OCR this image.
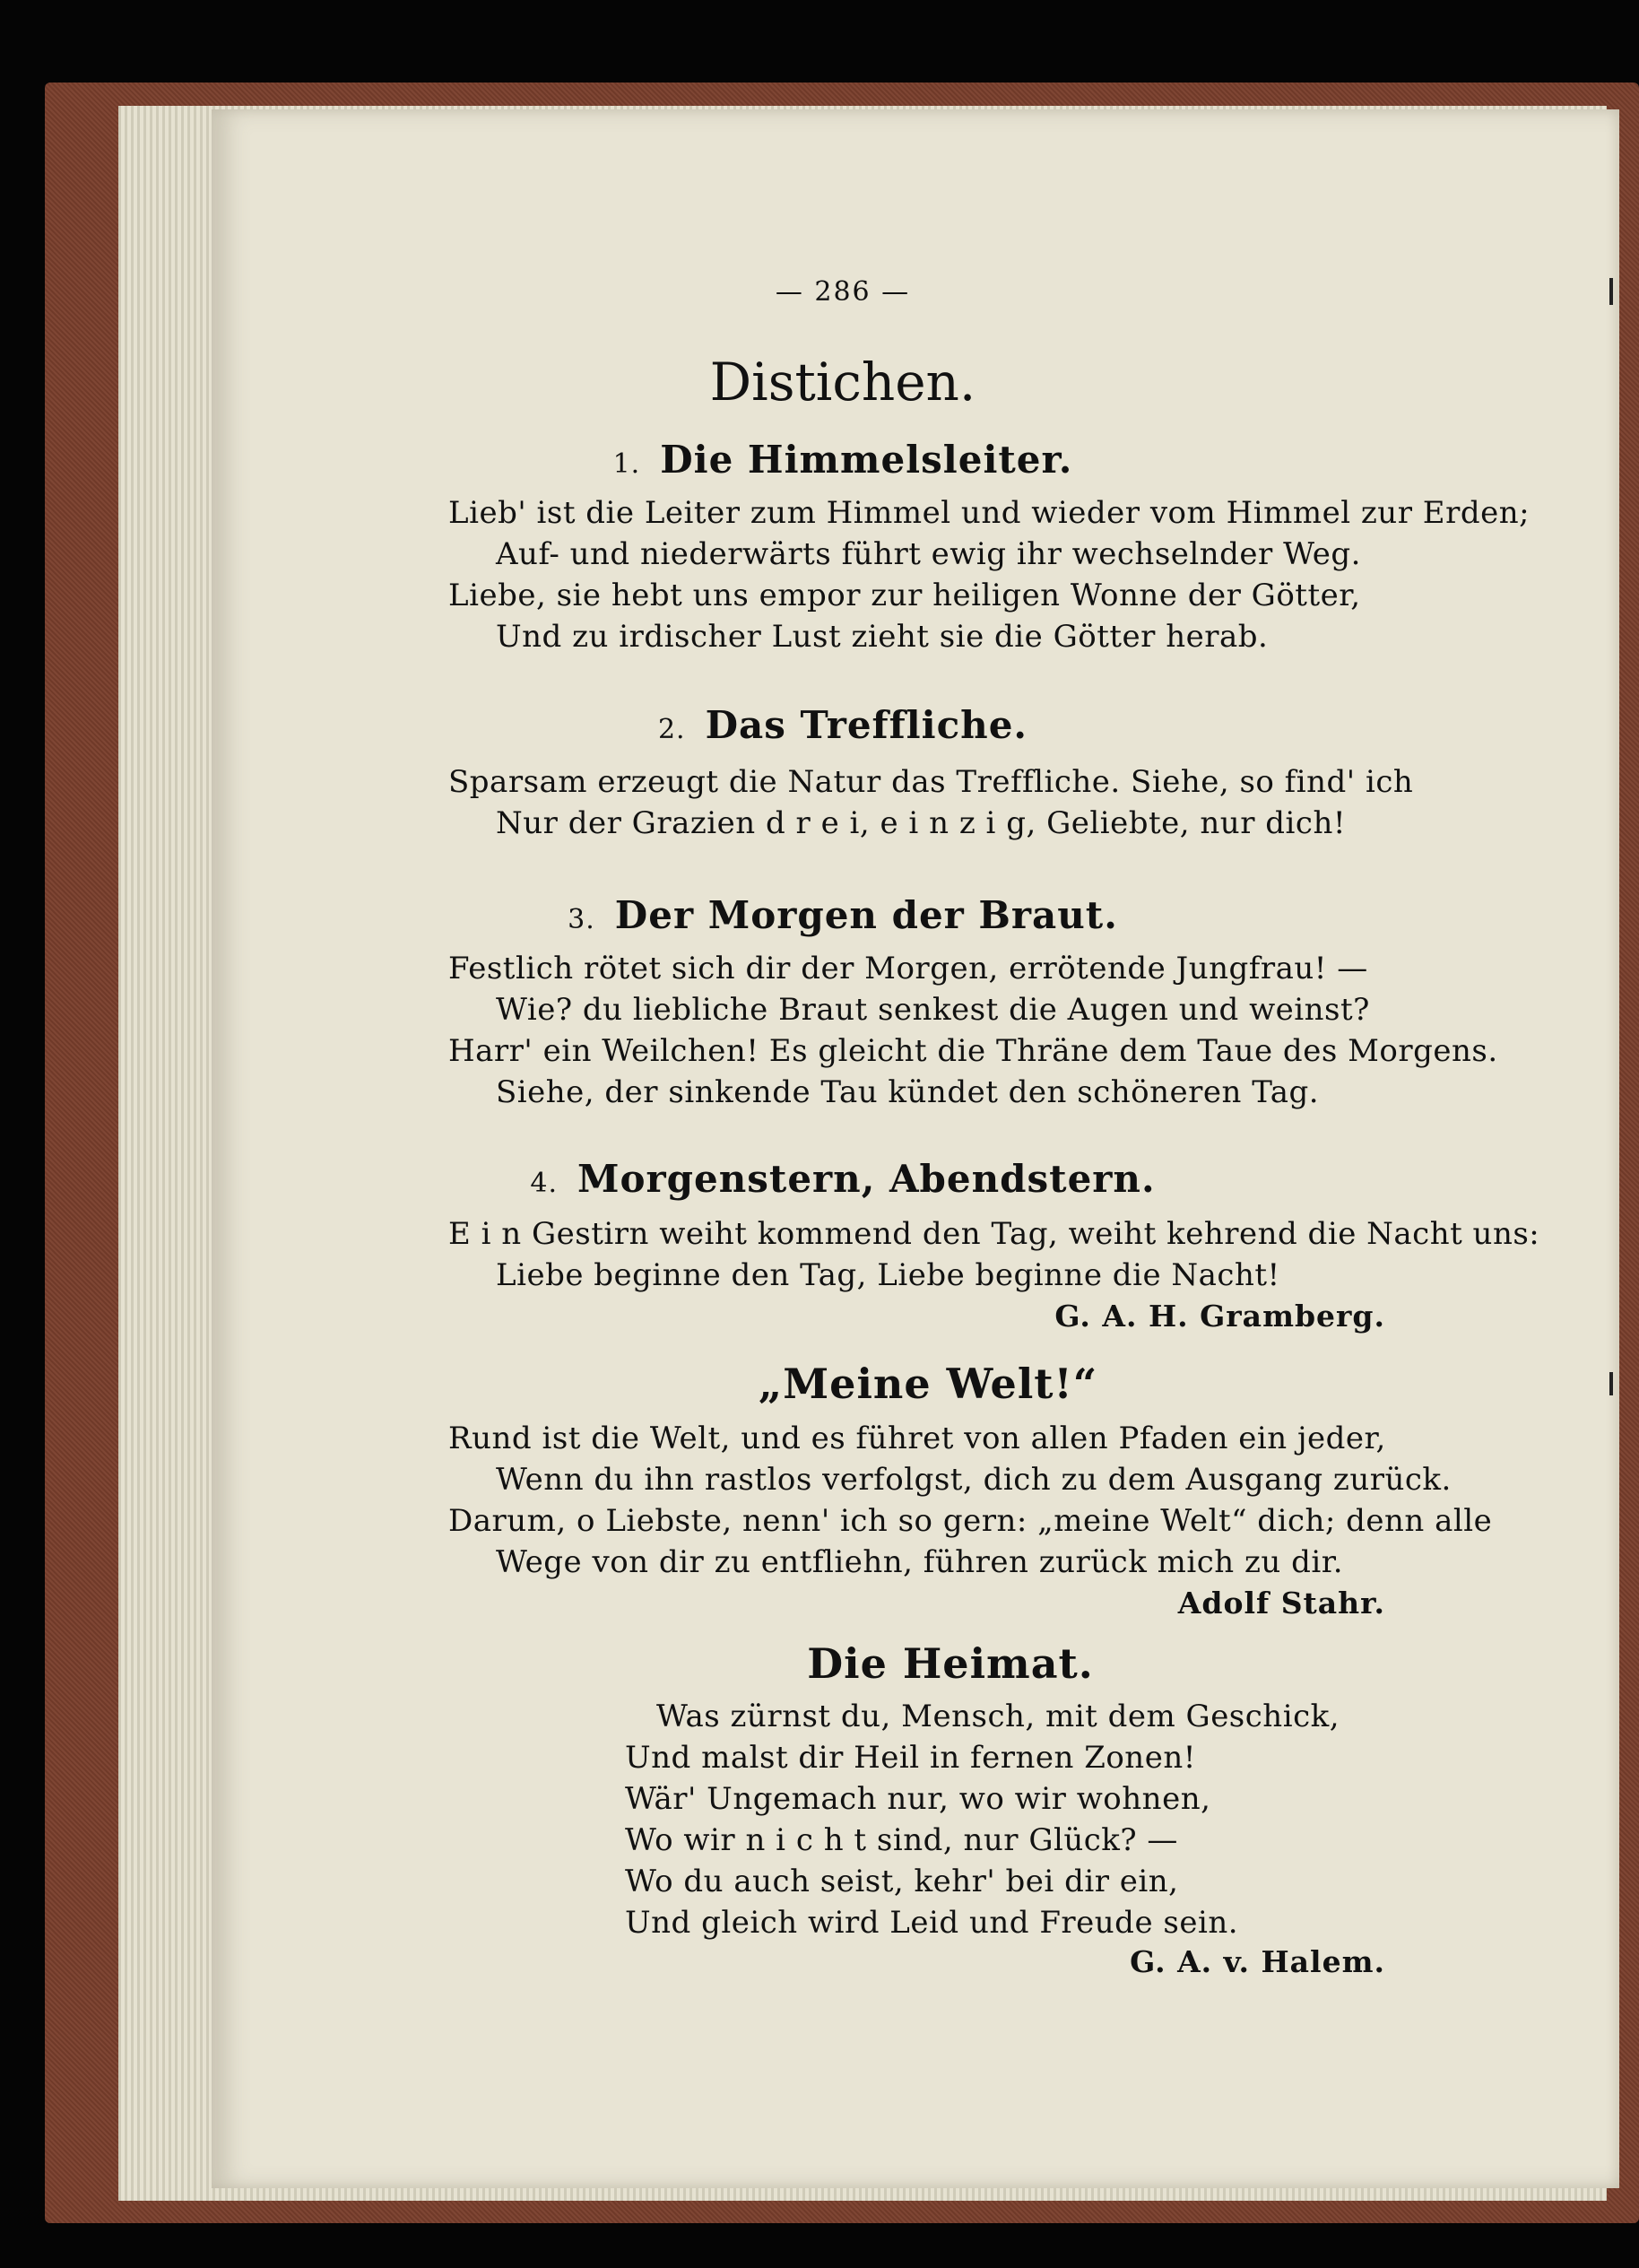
— 286 —
Distichen.
1. Die Himmelsleiter.
Lieb' ist die Leiter zum Himmel und wieder vom Himmel zur Erden;
Auf- und niederwärts führt ewig ihr wechselnder Weg.
Liebe, sie hebt uns empor zur heiligen Wonne der Götter,
Und zu irdischer Lust zieht sie die Götter herab.
2. Das Treffliche.
Sparsam erzeugt die Natur das Treffliche. Siehe, so find' ich
Nur der Grazien d r e i, e i n z i g, Geliebte, nur dich!
3. Der Morgen der Braut.
Festlich rötet sich dir der Morgen, errötende Jungfrau! —
Wie? du liebliche Braut senkest die Augen und weinst?
Harr' ein Weilchen! Es gleicht die Thräne dem Taue des Morgens.
Siehe, der sinkende Tau kündet den schöneren Tag.
4. Morgenstern, Abendstern.
E i n Gestirn weiht kommend den Tag, weiht kehrend die Nacht uns:
Liebe beginne den Tag, Liebe beginne die Nacht!
G. A. H. Gramberg.
„Meine Welt!“
Rund ist die Welt, und es führet von allen Pfaden ein jeder,
Wenn du ihn rastlos verfolgst, dich zu dem Ausgang zurück.
Darum, o Liebste, nenn' ich so gern: „meine Welt“ dich; denn alle
Wege von dir zu entfliehn, führen zurück mich zu dir.
Adolf Stahr.
Die Heimat.
Was zürnst du, Mensch, mit dem Geschick,
Und malst dir Heil in fernen Zonen!
Wär' Ungemach nur, wo wir wohnen,
Wo wir n i c h t sind, nur Glück? —
Wo du auch seist, kehr' bei dir ein,
Und gleich wird Leid und Freude sein.
G. A. v. Halem.
